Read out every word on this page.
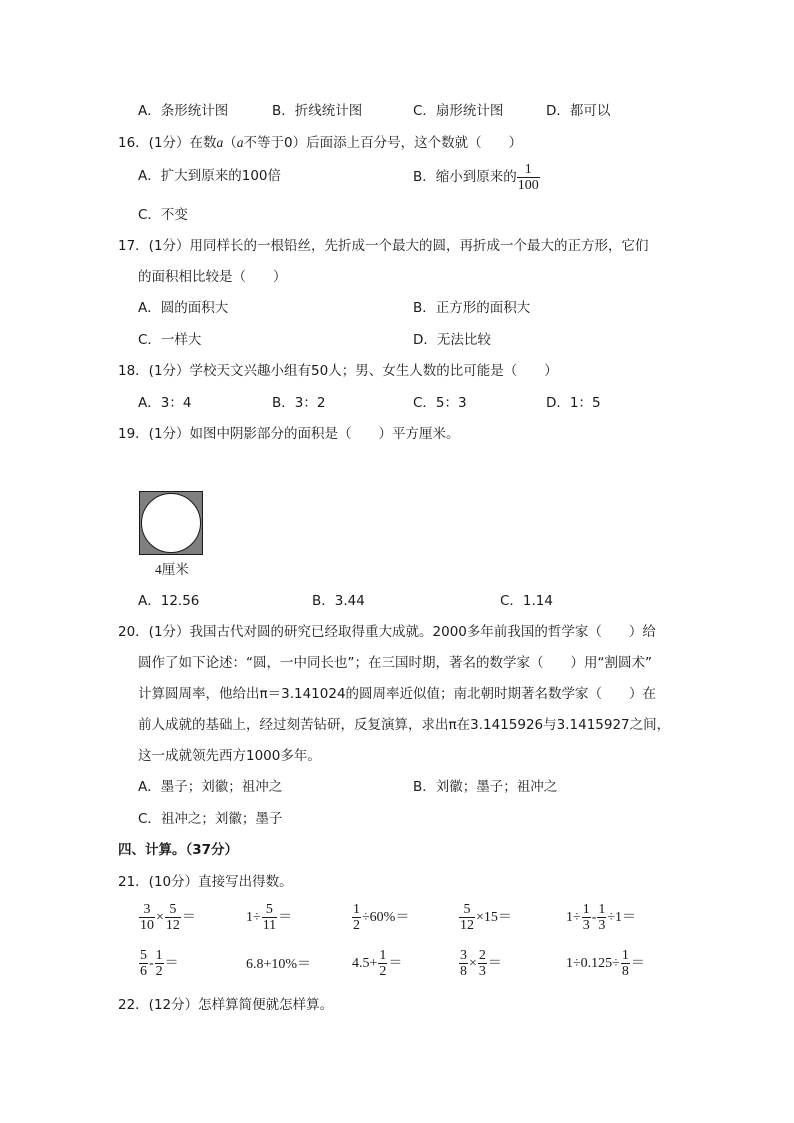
A．条形统计图	B．折线统计图	C．扇形统计图	D．都可以
16．(1分）在数a（a不等于0）后面添上百分号，这个数就（　　）
A．扩大到原来的100倍	B．缩小到原来的 $\frac{1}{100}$
C．不变
17．(1分）用同样长的一根铅丝，先折成一个最大的圆，再折成一个最大的正方形，它们
的面积相比较是（　　）
A．圆的面积大	B．正方形的面积大
C．一样大	D．无法比较
18．(1分）学校天文兴趣小组有50人；男、女生人数的比可能是（　　）
A．3：4	B．3：2	C．5：3	D．1：5
19．(1分）如图中阴影部分的面积是（　　）平方厘米。
4厘米
A．12.56	B．3.44	C．1.14
20．(1分）我国古代对圆的研究已经取得重大成就。2000多年前我国的哲学家（　　）给
圆作了如下论述：“圆，一中同长也”；在三国时期，著名的数学家（　　）用“割圆术”
计算圆周率，他给出π＝3.141024的圆周率近似值；南北朝时期著名数学家（　　）在
前人成就的基础上，经过刻苦钻研，反复演算，求出π在3.1415926与3.1415927之间，
这一成就领先西方1000多年。
A．墨子；刘徽；祖冲之	B．刘徽；墨子；祖冲之
C．祖冲之；刘徽；墨子
四、计算。（37分）
21．(10分）直接写出得数。
$\frac{3}{10} \times \frac{5}{12}$ ＝	$1\div \frac{5}{11}$ ＝	$\frac{1}{2} \div 60\%=$	$\frac{5}{12} \times 15=$	$1\div \frac{1}{3} - \frac{1}{3} \div 1=$
$\frac{5}{6} - \frac{1}{2}$ ＝	6.8+10%＝	$4.5+ \frac{1}{2}$ ＝	$\frac{3}{8} \times \frac{2}{3}$ ＝	$1\div 0.125\div \frac{1}{8}$ ＝
22．(12分）怎样算简便就怎样算。
